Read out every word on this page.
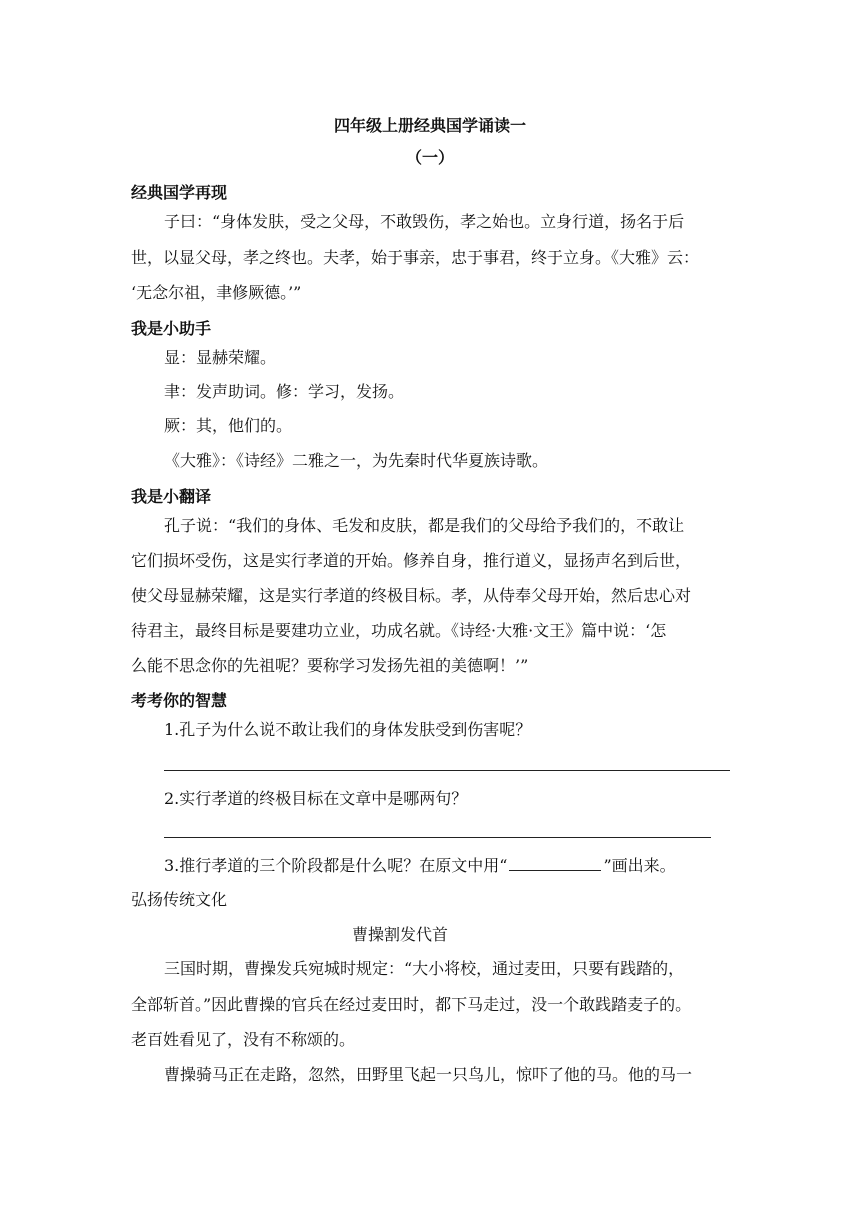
四年级上册经典国学诵读一
（一）
经典国学再现
子曰：“身体发肤，受之父母，不敢毁伤，孝之始也。立身行道，扬名于后
世，以显父母，孝之终也。夫孝，始于事亲，忠于事君，终于立身。《大雅》云：
‘无念尔祖，聿修厥德。’”
我是小助手
显：显赫荣耀。
聿：发声助词。修：学习，发扬。
厥：其，他们的。
《大雅》：《诗经》二雅之一，为先秦时代华夏族诗歌。
我是小翻译
孔子说：“我们的身体、毛发和皮肤，都是我们的父母给予我们的，不敢让
它们损坏受伤，这是实行孝道的开始。修养自身，推行道义，显扬声名到后世，
使父母显赫荣耀，这是实行孝道的终极目标。孝，从侍奉父母开始，然后忠心对
待君主，最终目标是要建功立业，功成名就。《诗经·大雅·文王》篇中说：‘怎
么能不思念你的先祖呢？要称学习发扬先祖的美德啊！’”
考考你的智慧
1.孔子为什么说不敢让我们的身体发肤受到伤害呢？
2.实行孝道的终极目标在文章中是哪两句？
3.推行孝道的三个阶段都是什么呢？在原文中用“	”画出来。
弘扬传统文化
曹操割发代首
三国时期，曹操发兵宛城时规定：“大小将校，通过麦田，只要有践踏的，
全部斩首。”因此曹操的官兵在经过麦田时，都下马走过，没一个敢践踏麦子的。
老百姓看见了，没有不称颂的。
曹操骑马正在走路，忽然，田野里飞起一只鸟儿，惊吓了他的马。他的马一
